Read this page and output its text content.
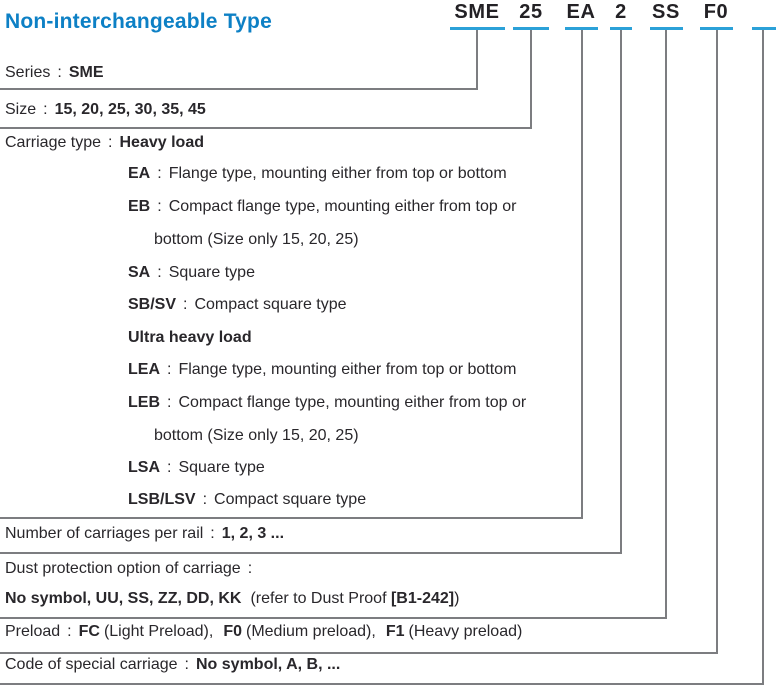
Non-interchangeable Type	SME 25 EA 2 SS F0
Series : SME
Size : 15, 20, 25, 30, 35, 45
Carriage type : Heavy load
EA : Flange type, mounting either from top or bottom
EB : Compact flange type, mounting either from top or
bottom (Size only 15, 20, 25)
SA : Square type
SB/SV : Compact square type
Ultra heavy load
LEA : Flange type, mounting either from top or bottom
LEB : Compact flange type, mounting either from top or
bottom (Size only 15, 20, 25)
LSA : Square type
LSB/LSV : Compact square type
Number of carriages per rail : 1, 2, 3 ...
Dust protection option of carriage :
No symbol, UU, SS, ZZ, DD, KK (refer to Dust Proof [B1-242])
Preload : FC (Light Preload), F0 (Medium preload), F1 (Heavy preload)
Code of special carriage : No symbol, A, B, ...
